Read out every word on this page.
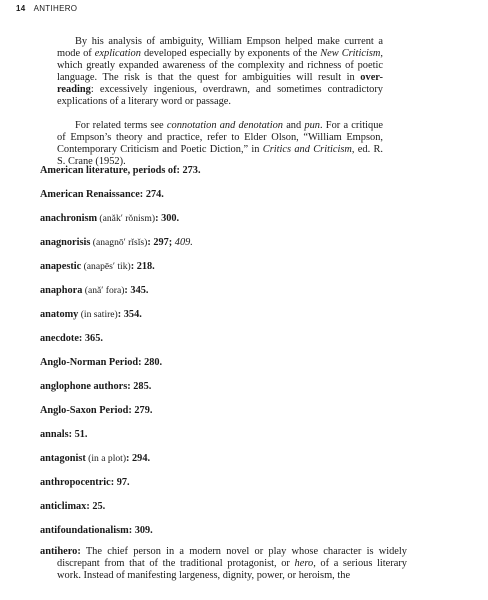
14 ANTIHERO
By his analysis of ambiguity, William Empson helped make current a mode of explication developed especially by exponents of the New Criticism, which greatly expanded awareness of the complexity and richness of poetic language. The risk is that the quest for ambiguities will result in over-reading: excessively ingenious, overdrawn, and sometimes contradictory explications of a literary word or passage.
For related terms see connotation and denotation and pun. For a critique of Empson’s theory and practice, refer to Elder Olson, “William Empson, Contemporary Criticism and Poetic Diction,” in Critics and Criticism, ed. R. S. Crane (1952).
American literature, periods of: 273.
American Renaissance: 274.
anachronism (anăk′ rŏnism): 300.
anagnorisis (anagnō′ rĭsĭs): 297; 409.
anapestic (anapēs′ tik): 218.
anaphora (ană′ fora): 345.
anatomy (in satire): 354.
anecdote: 365.
Anglo-Norman Period: 280.
anglophone authors: 285.
Anglo-Saxon Period: 279.
annals: 51.
antagonist (in a plot): 294.
anthropocentric: 97.
anticlimax: 25.
antifoundationalism: 309.
antihero: The chief person in a modern novel or play whose character is widely discrepant from that of the traditional protagonist, or hero, of a serious literary work. Instead of manifesting largeness, dignity, power, or heroism, the
